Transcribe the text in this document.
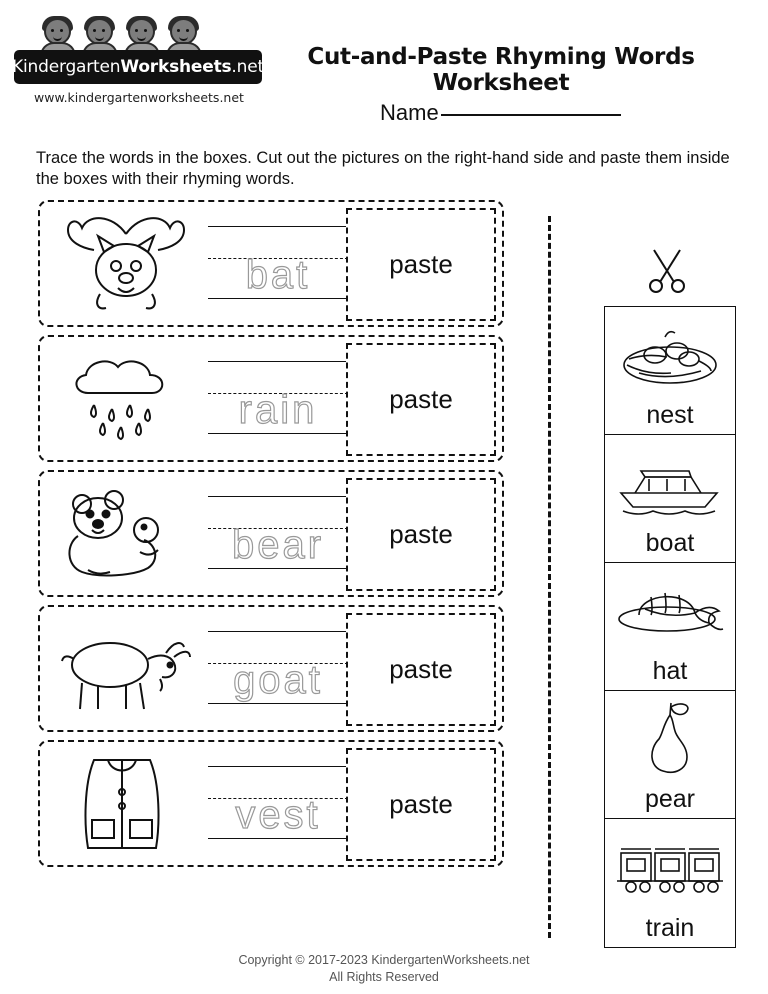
KindergartenWorksheets.net
www.kindergartenworksheets.net
Cut-and-Paste Rhyming Words Worksheet
Name
Trace the words in the boxes. Cut out the pictures on the right-hand side and paste them inside the boxes with their rhyming words.
bat	paste
rain	paste
bear	paste
goat	paste
vest	paste
nest
boat
hat
pear
train
Copyright © 2017-2023 KindergartenWorksheets.net
All Rights Reserved
